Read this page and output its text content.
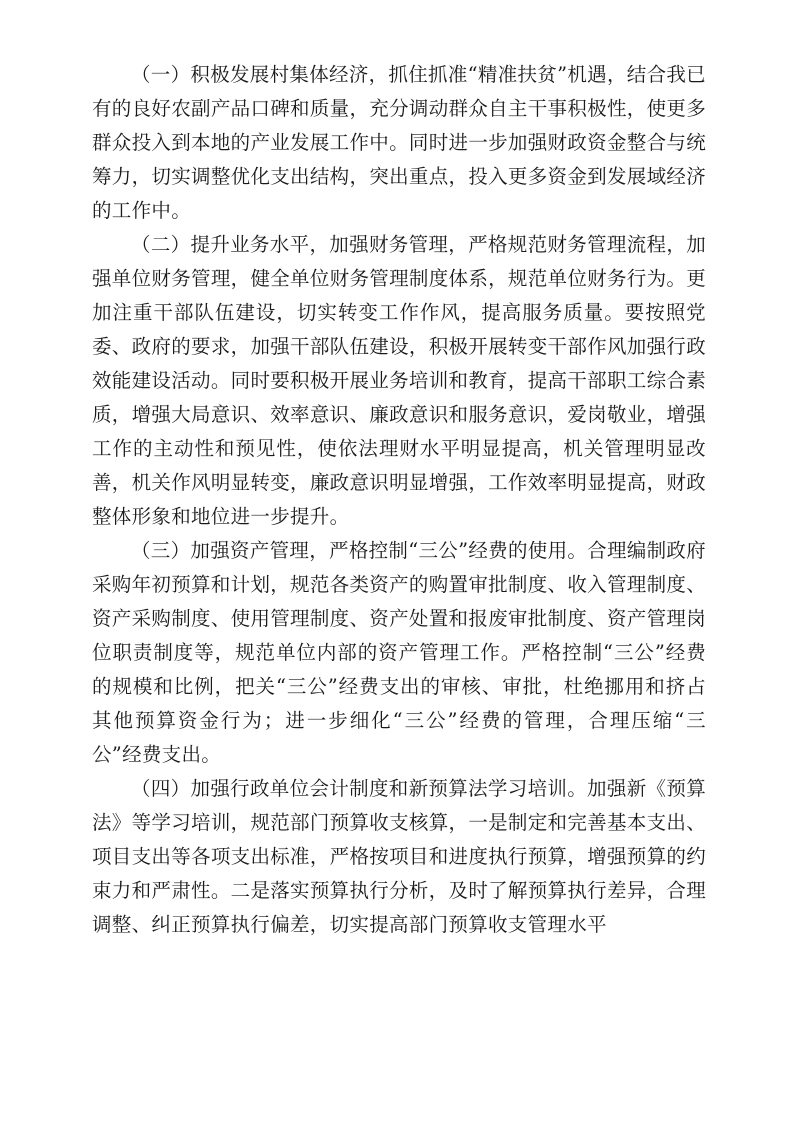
（一）积极发展村集体经济，抓住抓准“精准扶贫”机遇，结合我已有的良好农副产品口碑和质量，充分调动群众自主干事积极性，使更多群众投入到本地的产业发展工作中。同时进一步加强财政资金整合与统筹力，切实调整优化支出结构，突出重点，投入更多资金到发展域经济的工作中。

（二）提升业务水平，加强财务管理，严格规范财务管理流程，加强单位财务管理，健全单位财务管理制度体系，规范单位财务行为。更加注重干部队伍建设，切实转变工作作风，提高服务质量。要按照党委、政府的要求，加强干部队伍建设，积极开展转变干部作风加强行政效能建设活动。同时要积极开展业务培训和教育，提高干部职工综合素质，增强大局意识、效率意识、廉政意识和服务意识，爱岗敬业，增强工作的主动性和预见性，使依法理财水平明显提高，机关管理明显改善，机关作风明显转变，廉政意识明显增强，工作效率明显提高，财政整体形象和地位进一步提升。

（三）加强资产管理，严格控制“三公”经费的使用。合理编制政府采购年初预算和计划，规范各类资产的购置审批制度、收入管理制度、资产采购制度、使用管理制度、资产处置和报废审批制度、资产管理岗位职责制度等，规范单位内部的资产管理工作。严格控制“三公”经费的规模和比例，把关“三公”经费支出的审核、审批，杜绝挪用和挤占其他预算资金行为；进一步细化“三公”经费的管理，合理压缩“三公”经费支出。

（四）加强行政单位会计制度和新预算法学习培训。加强新《预算法》等学习培训，规范部门预算收支核算，一是制定和完善基本支出、项目支出等各项支出标准，严格按项目和进度执行预算，增强预算的约束力和严肃性。二是落实预算执行分析，及时了解预算执行差异，合理调整、纠正预算执行偏差，切实提高部门预算收支管理水平
